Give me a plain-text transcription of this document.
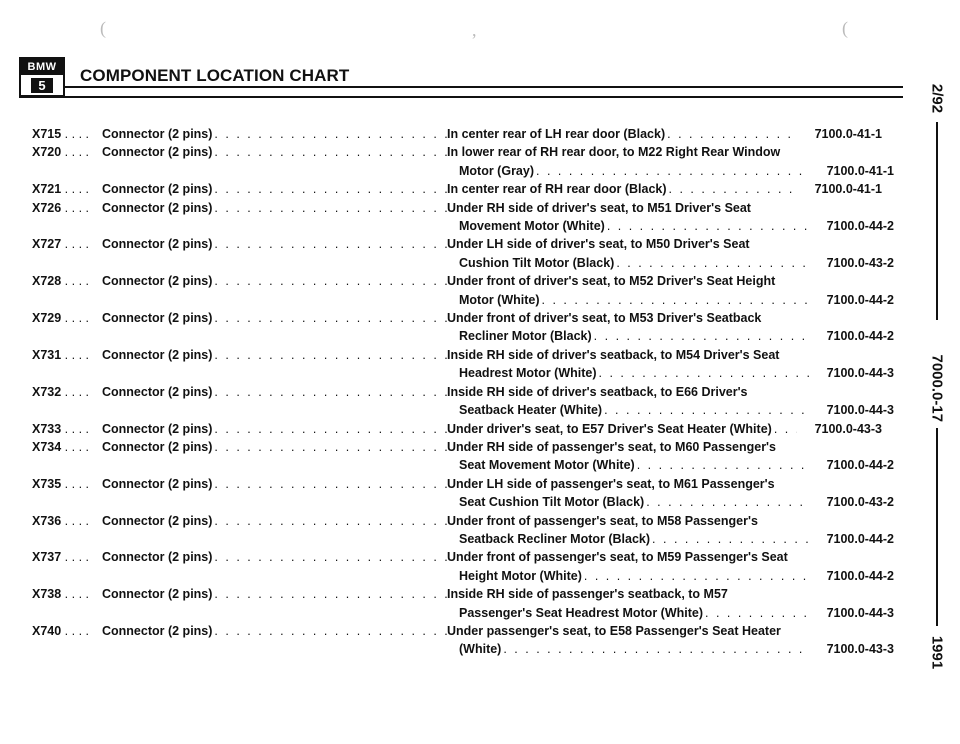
(	,	(
BMW
5
COMPONENT LOCATION CHART
X715 . . . .	Connector (2 pins) . . .	In center rear of LH rear door (Black) . . .	7100.0-41-1
X720 . . . .	Connector (2 pins) . . .	In lower rear of RH rear door, to M22 Right Rear Window
Motor (Gray) . . .	7100.0-41-1
X721 . . . .	Connector (2 pins) . . .	In center rear of RH rear door (Black) . . .	7100.0-41-1
X726 . . . .	Connector (2 pins) . . .	Under RH side of driver's seat, to M51 Driver's Seat
Movement Motor (White) . . .	7100.0-44-2
X727 . . . .	Connector (2 pins) . . .	Under LH side of driver's seat, to M50 Driver's Seat
Cushion Tilt Motor (Black) . . .	7100.0-43-2
X728 . . . .	Connector (2 pins) . . .	Under front of driver's seat, to M52 Driver's Seat Height
Motor (White) . . .	7100.0-44-2
X729 . . . .	Connector (2 pins) . . .	Under front of driver's seat, to M53 Driver's Seatback
Recliner Motor (Black) . . .	7100.0-44-2
X731 . . . .	Connector (2 pins) . . .	Inside RH side of driver's seatback, to M54 Driver's Seat
Headrest Motor (White) . . .	7100.0-44-3
X732 . . . .	Connector (2 pins) . . .	Inside RH side of driver's seatback, to E66 Driver's
Seatback Heater (White) . . .	7100.0-44-3
X733 . . . .	Connector (2 pins) . . .	Under driver's seat, to E57 Driver's Seat Heater (White) . . .	7100.0-43-3
X734 . . . .	Connector (2 pins) . . .	Under RH side of passenger's seat, to M60 Passenger's
Seat Movement Motor (White) . . .	7100.0-44-2
X735 . . . .	Connector (2 pins) . . .	Under LH side of passenger's seat, to M61 Passenger's
Seat Cushion Tilt Motor (Black) . . .	7100.0-43-2
X736 . . . .	Connector (2 pins) . . .	Under front of passenger's seat, to M58 Passenger's
Seatback Recliner Motor (Black) . . .	7100.0-44-2
X737 . . . .	Connector (2 pins) . . .	Under front of passenger's seat, to M59 Passenger's Seat
Height Motor (White) . . .	7100.0-44-2
X738 . . . .	Connector (2 pins) . . .	Inside RH side of passenger's seatback, to M57
Passenger's Seat Headrest Motor (White) . . .	7100.0-44-3
X740 . . . .	Connector (2 pins) . . .	Under passenger's seat, to E58 Passenger's Seat Heater
(White) . . .	7100.0-43-3
2/92
7000.0-17
1991
